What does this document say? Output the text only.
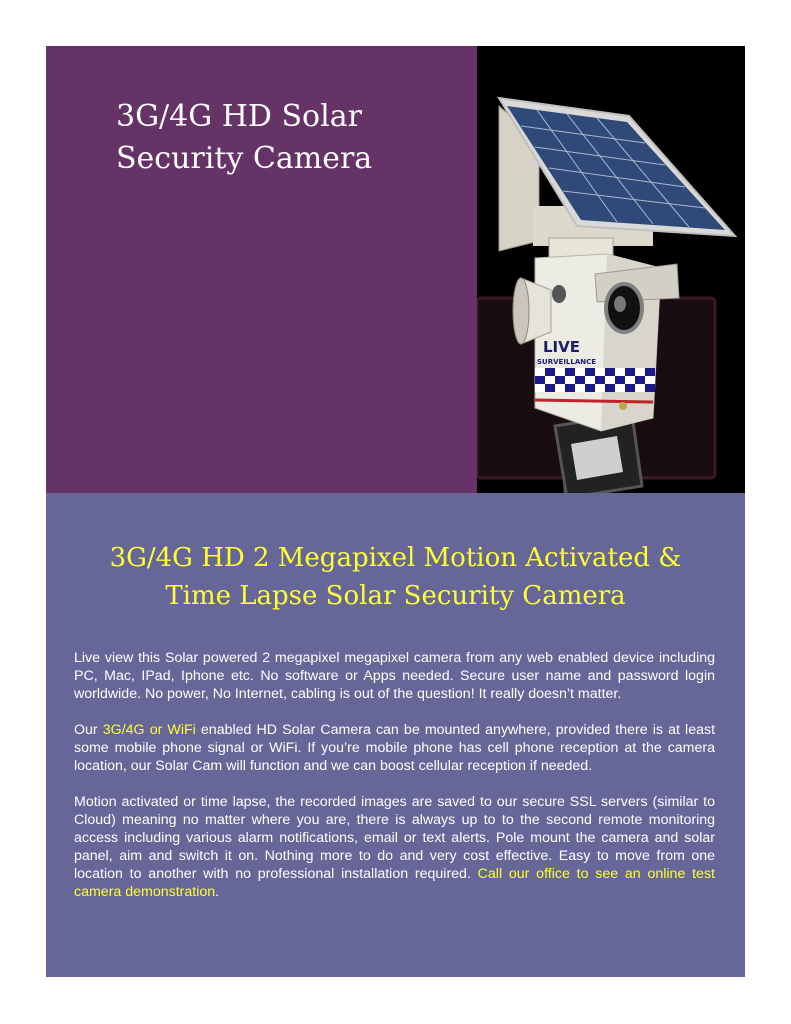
3G/4G HD Solar
Security Camera
LIVE
SURVEILLANCE
3G/4G HD 2 Megapixel Motion Activated &
Time Lapse Solar Security Camera

Live view this Solar powered 2 megapixel megapixel camera from any web enabled device including PC, Mac, IPad, Iphone etc. No software or Apps needed. Secure user name and password login worldwide. No power, No Internet, cabling is out of the question! It really doesn’t matter.

Our 3G/4G or WiFi enabled HD Solar Camera can be mounted anywhere, provided there is at least some mobile phone signal or WiFi. If you’re mobile phone has cell phone reception at the camera location, our Solar Cam will function and we can boost cellular reception if needed.

Motion activated or time lapse, the recorded images are saved to our secure SSL servers (similar to Cloud) meaning no matter where you are, there is always up to to the second remote monitoring access including various alarm notifications, email or text alerts. Pole mount the camera and solar panel, aim and switch it on. Nothing more to do and very cost effective. Easy to move from one location to another with no professional installation required. Call our office to see an online test camera demonstration.
